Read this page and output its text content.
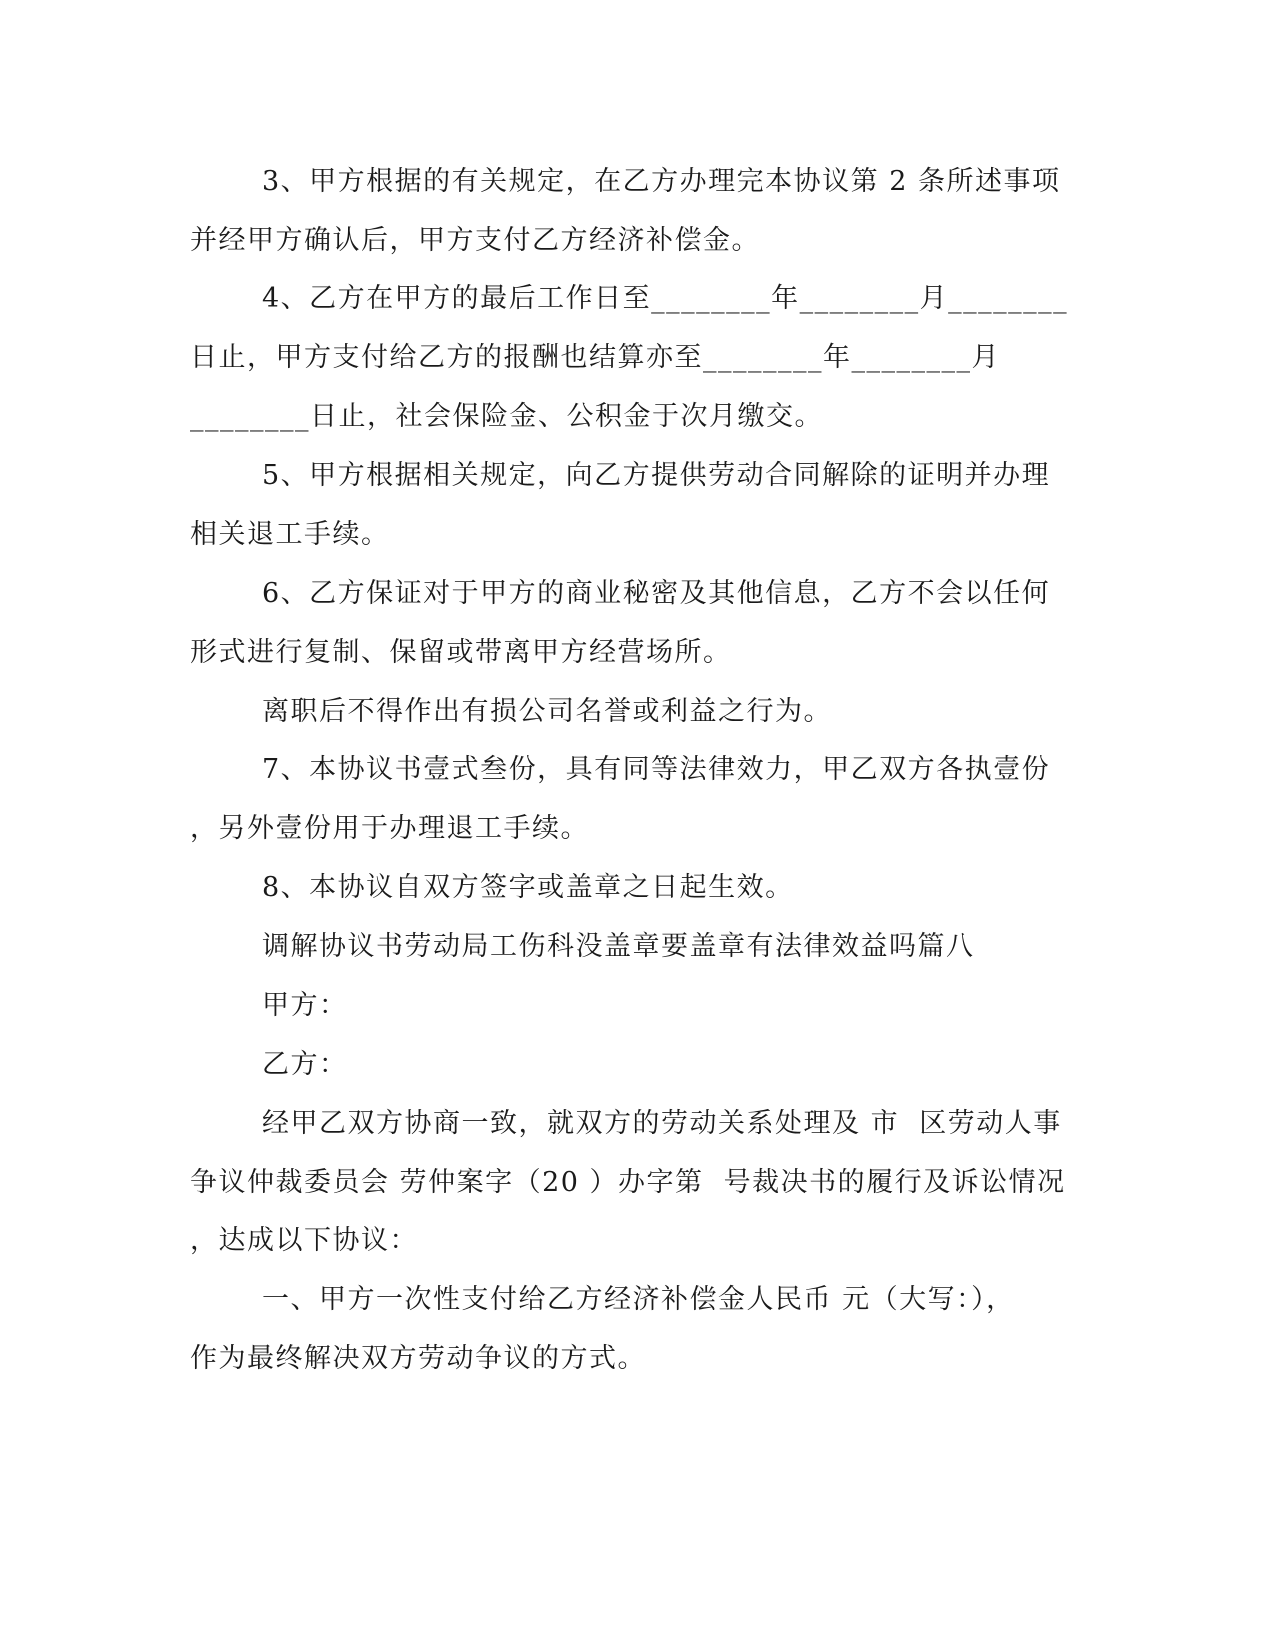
3、甲方根据的有关规定，在乙方办理完本协议第 2 条所述事项
并经甲方确认后，甲方支付乙方经济补偿金。
4、乙方在甲方的最后工作日至________年________月________
日止，甲方支付给乙方的报酬也结算亦至________年________月
________日止，社会保险金、公积金于次月缴交。
5、甲方根据相关规定，向乙方提供劳动合同解除的证明并办理
相关退工手续。
6、乙方保证对于甲方的商业秘密及其他信息，乙方不会以任何
形式进行复制、保留或带离甲方经营场所。
离职后不得作出有损公司名誉或利益之行为。
7、本协议书壹式叁份，具有同等法律效力，甲乙双方各执壹份
，另外壹份用于办理退工手续。
8、本协议自双方签字或盖章之日起生效。
调解协议书劳动局工伤科没盖章要盖章有法律效益吗篇八
甲方：
乙方：
经甲乙双方协商一致，就双方的劳动关系处理及 市  区劳动人事
争议仲裁委员会 劳仲案字（20 ）办字第  号裁决书的履行及诉讼情况
，达成以下协议：
一、甲方一次性支付给乙方经济补偿金人民币 元（大写：），
作为最终解决双方劳动争议的方式。
